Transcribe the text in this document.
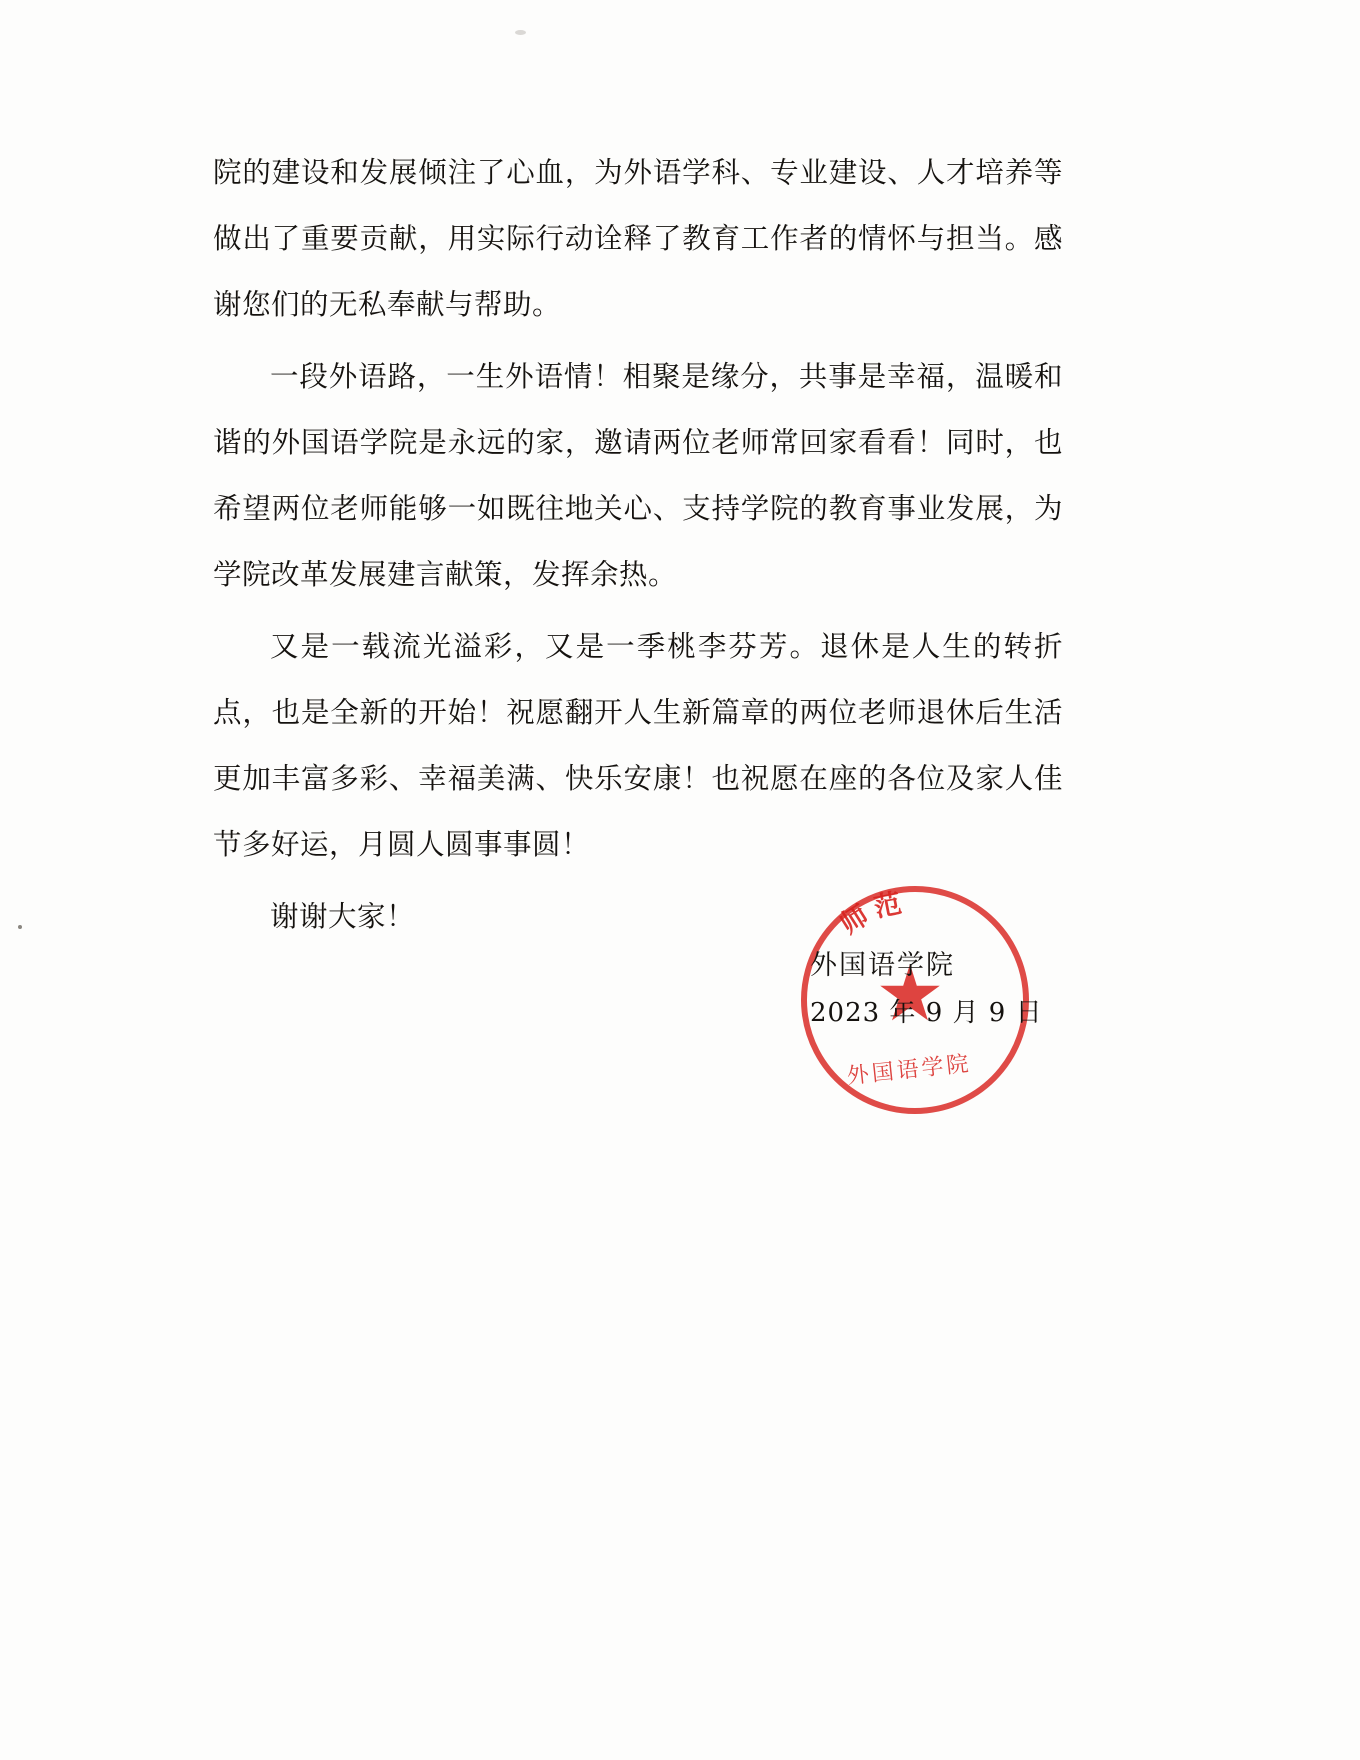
院的建设和发展倾注了心血，为外语学科、专业建设、人才培养等做出了重要贡献，用实际行动诠释了教育工作者的情怀与担当。感谢您们的无私奉献与帮助。

一段外语路，一生外语情！相聚是缘分，共事是幸福，温暖和谐的外国语学院是永远的家，邀请两位老师常回家看看！同时，也希望两位老师能够一如既往地关心、支持学院的教育事业发展，为学院改革发展建言献策，发挥余热。

又是一载流光溢彩，又是一季桃李芬芳。退休是人生的转折点，也是全新的开始！祝愿翻开人生新篇章的两位老师退休后生活更加丰富多彩、幸福美满、快乐安康！也祝愿在座的各位及家人佳节多好运，月圆人圆事事圆！

谢谢大家！	师范
外国语学院
外国语学院
2023 年 9 月 9 日
